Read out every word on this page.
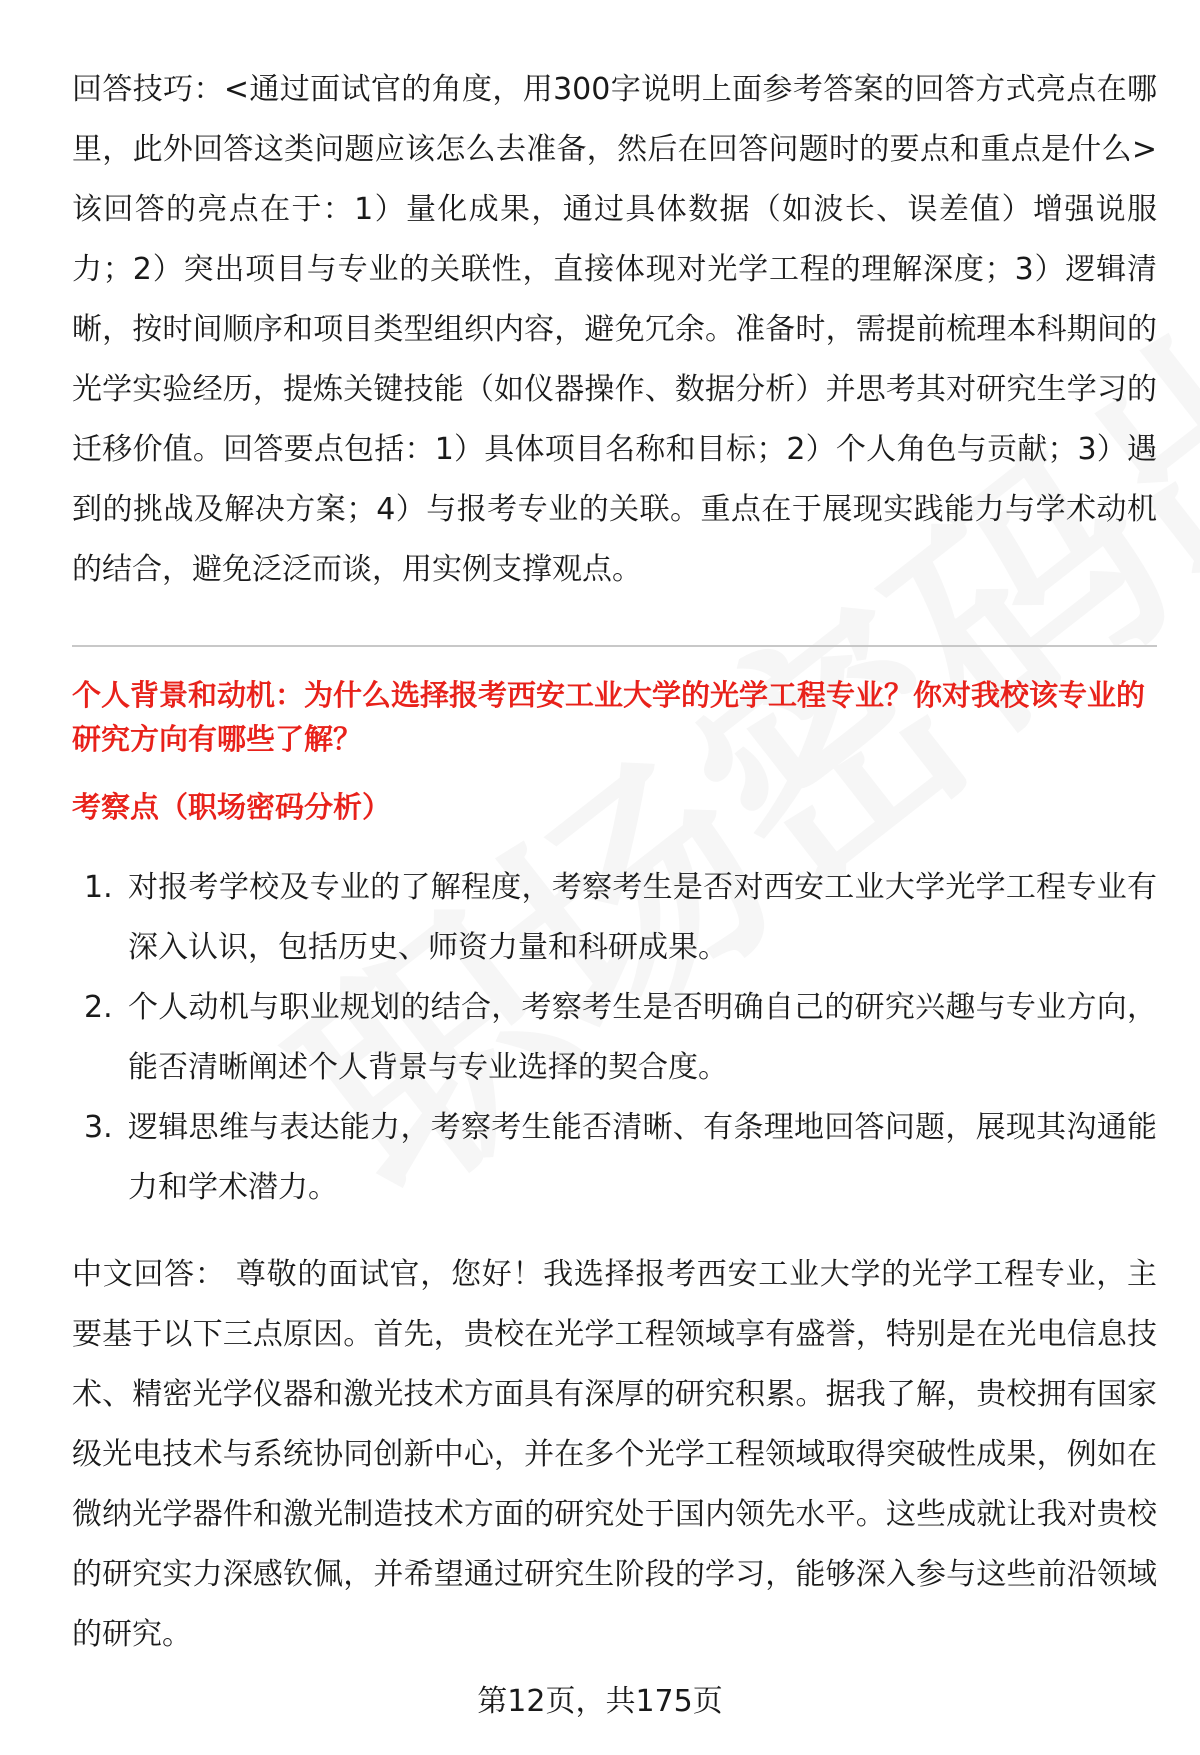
回答技巧：<通过面试官的角度，用300字说明上面参考答案的回答方式亮点在哪里，此外回答这类问题应该怎么去准备，然后在回答问题时的要点和重点是什么>该回答的亮点在于：1）量化成果，通过具体数据（如波长、误差值）增强说服力；2）突出项目与专业的关联性，直接体现对光学工程的理解深度；3）逻辑清晰，按时间顺序和项目类型组织内容，避免冗余。准备时，需提前梳理本科期间的光学实验经历，提炼关键技能（如仪器操作、数据分析）并思考其对研究生学习的迁移价值。回答要点包括：1）具体项目名称和目标；2）个人角色与贡献；3）遇到的挑战及解决方案；4）与报考专业的关联。重点在于展现实践能力与学术动机的结合，避免泛泛而谈，用实例支撑观点。

个人背景和动机：为什么选择报考西安工业大学的光学工程专业？你对我校该专业的研究方向有哪些了解？

考察点（职场密码分析）

1. 对报考学校及专业的了解程度，考察考生是否对西安工业大学光学工程专业有深入认识，包括历史、师资力量和科研成果。
2. 个人动机与职业规划的结合，考察考生是否明确自己的研究兴趣与专业方向，能否清晰阐述个人背景与专业选择的契合度。
3. 逻辑思维与表达能力，考察考生能否清晰、有条理地回答问题，展现其沟通能力和学术潜力。

中文回答： 尊敬的面试官，您好！我选择报考西安工业大学的光学工程专业，主要基于以下三点原因。首先，贵校在光学工程领域享有盛誉，特别是在光电信息技术、精密光学仪器和激光技术方面具有深厚的研究积累。据我了解，贵校拥有国家级光电技术与系统协同创新中心，并在多个光学工程领域取得突破性成果，例如在微纳光学器件和激光制造技术方面的研究处于国内领先水平。这些成就让我对贵校的研究实力深感钦佩，并希望通过研究生阶段的学习，能够深入参与这些前沿领域的研究。

第12页，共175页
